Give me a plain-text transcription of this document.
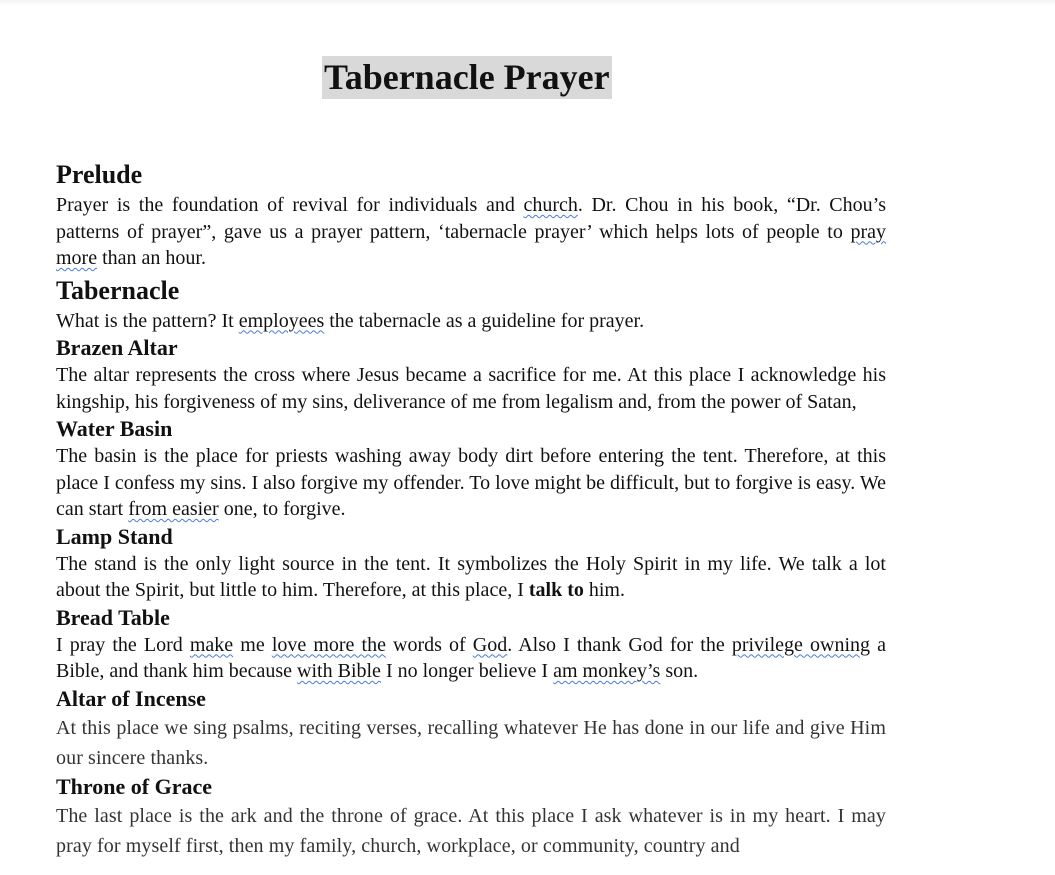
Tabernacle Prayer
Prelude

Prayer is the foundation of revival for individuals and church. Dr. Chou in his book, “Dr. Chou’s patterns of prayer”, gave us a prayer pattern, ‘tabernacle prayer’ which helps lots of people to pray more than an hour.

Tabernacle

What is the pattern? It employees the tabernacle as a guideline for prayer.

Brazen Altar

The altar represents the cross where Jesus became a sacrifice for me. At this place I acknowledge his kingship, his forgiveness of my sins, deliverance of me from legalism and, from the power of Satan,

Water Basin

The basin is the place for priests washing away body dirt before entering the tent. Therefore, at this place I confess my sins. I also forgive my offender. To love might be difficult, but to forgive is easy. We can start from easier one, to forgive.

Lamp Stand

The stand is the only light source in the tent. It symbolizes the Holy Spirit in my life. We talk a lot about the Spirit, but little to him. Therefore, at this place, I talk to him.

Bread Table

I pray the Lord make me love more the words of God. Also I thank God for the privilege owning a Bible, and thank him because with Bible I no longer believe I am monkey’s son.

Altar of Incense

At this place we sing psalms, reciting verses, recalling whatever He has done in our life and give Him our sincere thanks.

Throne of Grace

The last place is the ark and the throne of grace. At this place I ask whatever is in my heart. I may pray for myself first, then my family, church, workplace, or community, country and
